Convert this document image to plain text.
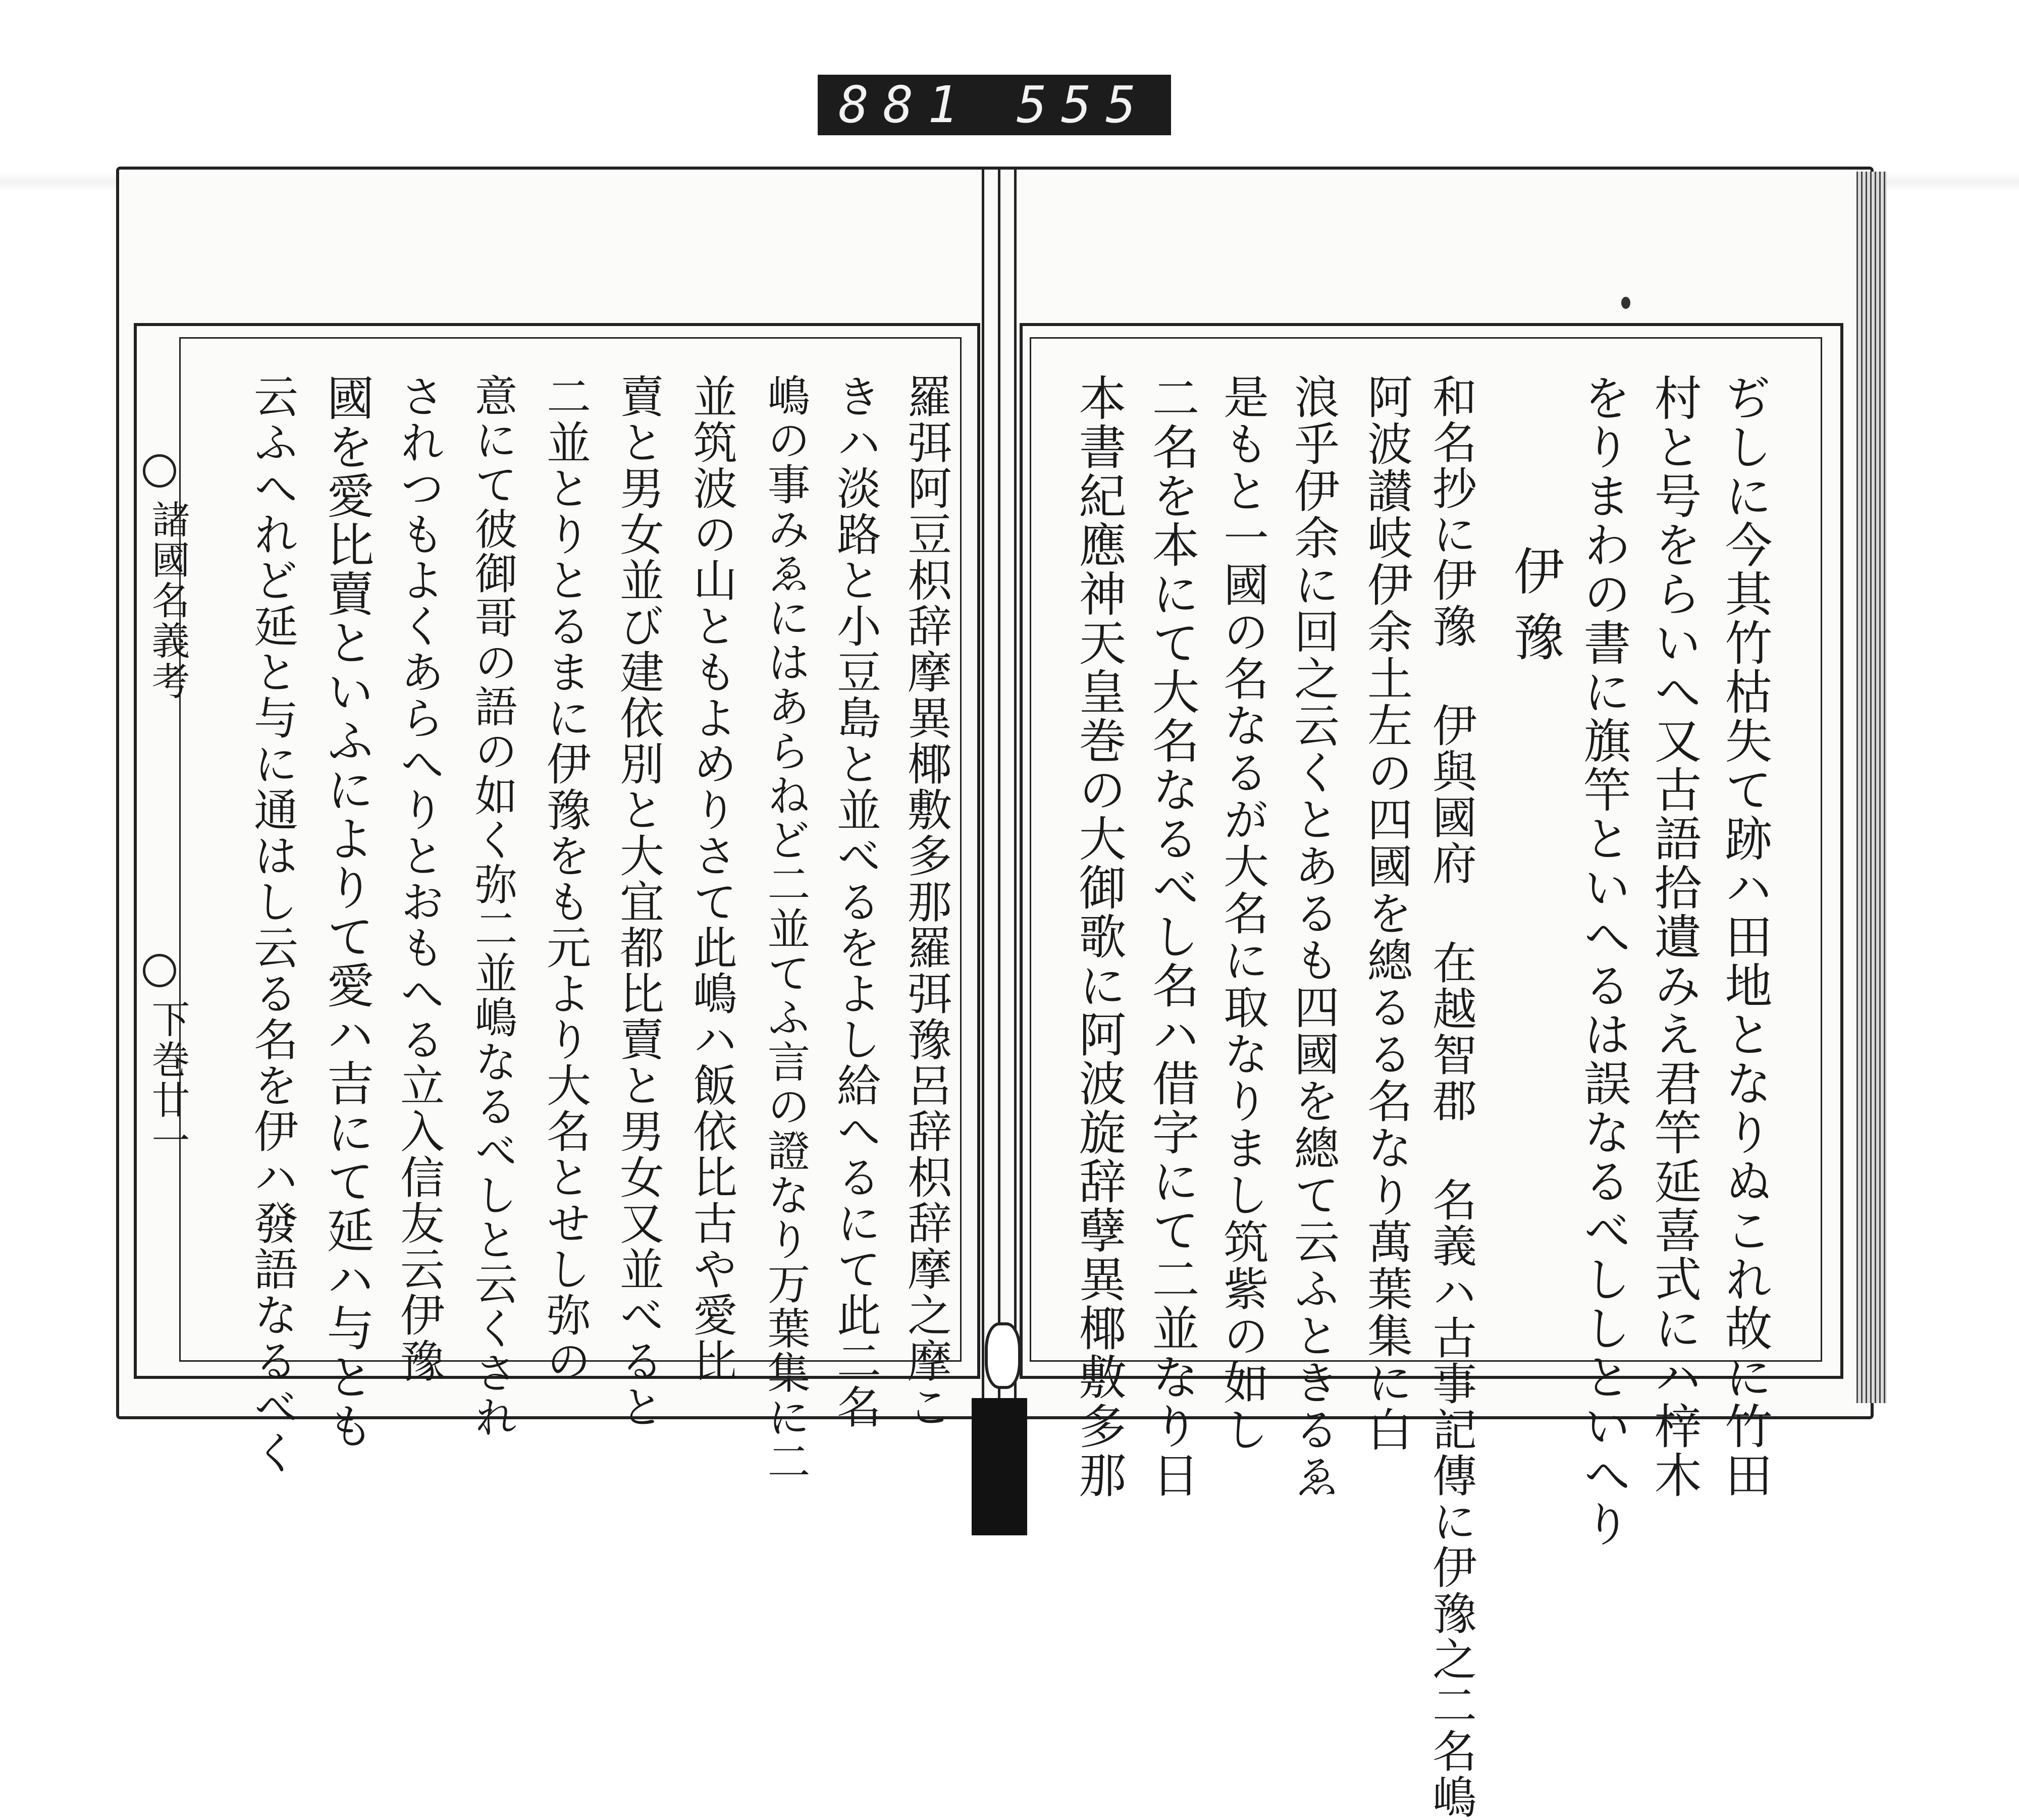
881 555
諸國名義考
下巻廿一	ぢしに今其竹枯失て跡ハ田地となりぬこれ故に竹田
村と号をらいへ又古語拾遺みえ君竿延喜式にハ梓木
をりまわの書に旗竿といへるは誤なるべししといへり
伊豫
和名抄に伊豫 伊與國府 在越智郡 名義ハ古事記傳に伊豫之二名嶋
阿波讃岐伊余土左の四國を總るる名なり萬葉集に白
浪乎伊余に回之云くとあるも四國を總て云ふときるゑ
是もと一國の名なるが大名に取なりまし筑紫の如し
二名を本にて大名なるべし名ハ借字にて二並なり日
本書紀應神天皇巻の大御歌に阿波旋辞孽異椰敷多那
羅弭阿豆枳辞摩異椰敷多那羅弭豫呂辞枳辞摩之摩こ
きハ淡路と小豆島と並べるをよし給へるにて此二名
嶋の事みゑにはあらねど二並てふ言の證なり万葉集に二
並筑波の山ともよめりさて此嶋ハ飯依比古や愛比
賣と男女並び建依別と大宜都比賣と男女又並べると
二並とりとるまに伊豫をも元より大名とせし弥の
意にて彼御哥の語の如く弥二並嶋なるべしと云くされ
されつもよくあらへりとおもへる立入信友云伊豫
國を愛比賣といふによりて愛ハ吉にて延ハ与とも
云ふへれど延と与に通はし云る名を伊ハ發語なるべく
